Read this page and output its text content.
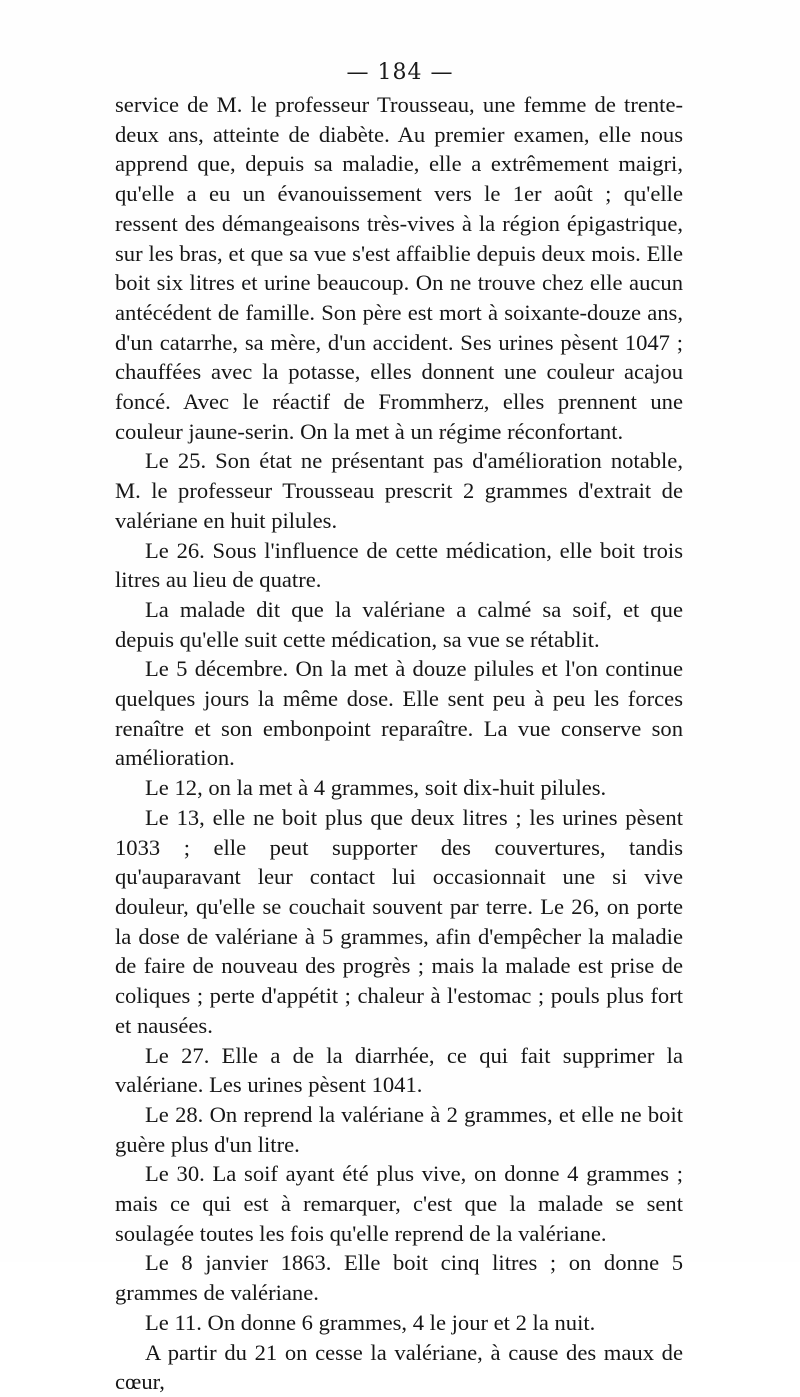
— 184 —

service de M. le professeur Trousseau, une femme de trente-deux ans, atteinte de diabète. Au premier examen, elle nous apprend que, depuis sa maladie, elle a extrêmement maigri, qu'elle a eu un évanouissement vers le 1er août ; qu'elle ressent des démangeaisons très-vives à la région épigastrique, sur les bras, et que sa vue s'est affaiblie depuis deux mois. Elle boit six litres et urine beaucoup. On ne trouve chez elle aucun antécédent de famille. Son père est mort à soixante-douze ans, d'un catarrhe, sa mère, d'un accident. Ses urines pèsent 1047 ; chauffées avec la potasse, elles donnent une couleur acajou foncé. Avec le réactif de Frommherz, elles prennent une couleur jaune-serin. On la met à un régime réconfortant.

Le 25. Son état ne présentant pas d'amélioration notable, M. le professeur Trousseau prescrit 2 grammes d'extrait de valériane en huit pilules.

Le 26. Sous l'influence de cette médication, elle boit trois litres au lieu de quatre.

La malade dit que la valériane a calmé sa soif, et que depuis qu'elle suit cette médication, sa vue se rétablit.

Le 5 décembre. On la met à douze pilules et l'on continue quelques jours la même dose. Elle sent peu à peu les forces renaître et son embonpoint reparaître. La vue conserve son amélioration.

Le 12, on la met à 4 grammes, soit dix-huit pilules.

Le 13, elle ne boit plus que deux litres ; les urines pèsent 1033 ; elle peut supporter des couvertures, tandis qu'auparavant leur contact lui occasionnait une si vive douleur, qu'elle se couchait souvent par terre. Le 26, on porte la dose de valériane à 5 grammes, afin d'empêcher la maladie de faire de nouveau des progrès ; mais la malade est prise de coliques ; perte d'appétit ; chaleur à l'estomac ; pouls plus fort et nausées.

Le 27. Elle a de la diarrhée, ce qui fait supprimer la valériane. Les urines pèsent 1041.

Le 28. On reprend la valériane à 2 grammes, et elle ne boit guère plus d'un litre.

Le 30. La soif ayant été plus vive, on donne 4 grammes ; mais ce qui est à remarquer, c'est que la malade se sent soulagée toutes les fois qu'elle reprend de la valériane.

Le 8 janvier 1863. Elle boit cinq litres ; on donne 5 grammes de valériane.

Le 11. On donne 6 grammes, 4 le jour et 2 la nuit.

A partir du 21 on cesse la valériane, à cause des maux de cœur,
